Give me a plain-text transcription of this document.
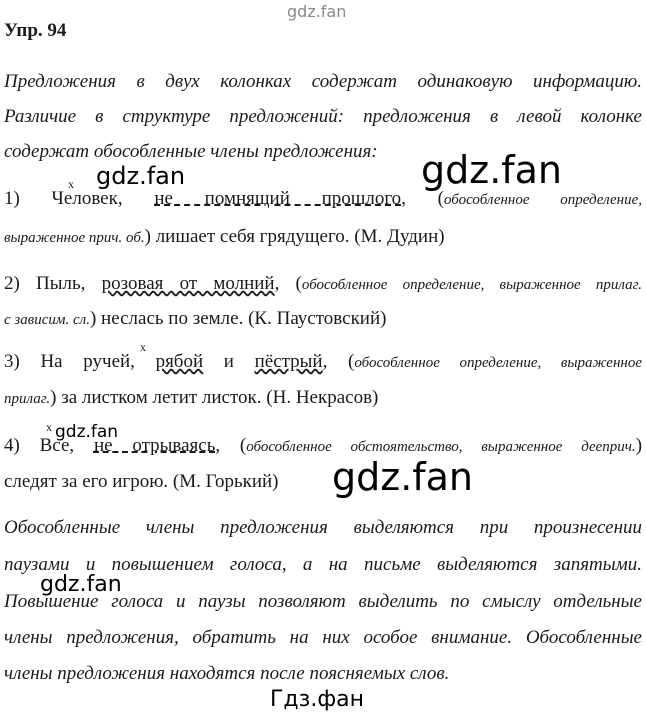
gdz.fan
Упр. 94
Предложения в двух колонках содержат одинаковую информацию.
Различие в структуре предложений: предложения в левой колонке
содержат обособленные члены предложения:
x
1) Человек, не помнящий прошлого, (обособленное определение,
выраженное прич. об.) лишает себя грядущего. (М. Дудин)
2) Пыль, розовая от молний, (обособленное определение, выраженное прилаг.
с зависим. сл.) неслась по земле. (К. Паустовский)
x
3) На ручей, рябой и пёстрый, (обособленное определение, выраженное
прилаг.) за листком летит листок. (Н. Некрасов)
x
4) Все, не отрываясь, (обособленное обстоятельство, выраженное дееприч.)
следят за его игрою. (М. Горький)
Обособленные члены предложения выделяются при произнесении
паузами и повышением голоса, а на письме выделяются запятыми.
Повышение голоса и паузы позволяют выделить по смыслу отдельные
члены предложения, обратить на них особое внимание. Обособленные
члены предложения находятся после поясняемых слов.
gdz.fan
gdz.fan
gdz.fan
gdz.fan
gdz.fan
Гдз.фан
